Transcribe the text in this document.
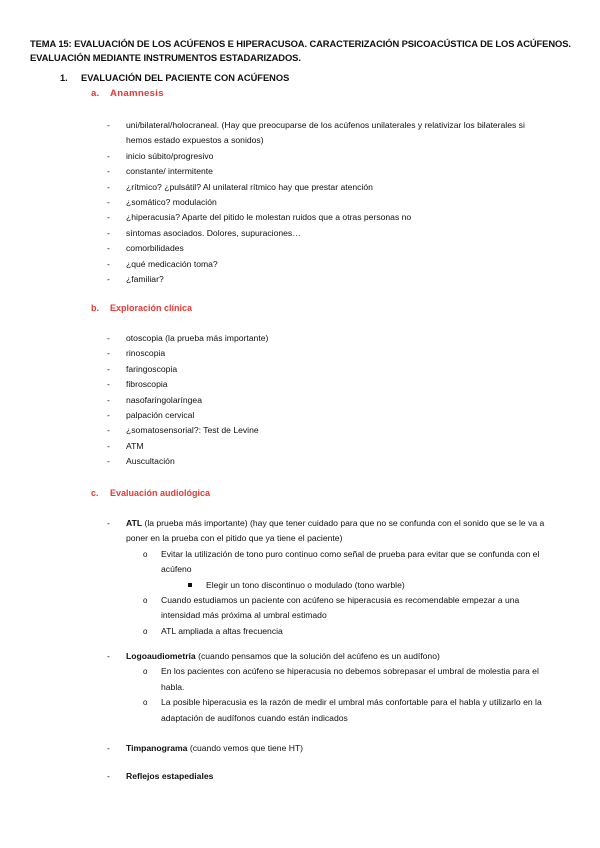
TEMA 15: EVALUACIÓN DE LOS ACÚFENOS E HIPERACUSOA. CARACTERIZACIÓN PSICOACÚSTICA DE LOS ACÚFENOS. EVALUACIÓN MEDIANTE INSTRUMENTOS ESTADARIZADOS.
1. EVALUACIÓN DEL PACIENTE CON ACÚFENOS
a. Anamnesis
- uni/bilateral/holocraneal. (Hay que preocuparse de los acúfenos unilaterales y relativizar los bilaterales si hemos estado expuestos a sonidos)
- inicio súbito/progresivo
- constante/ intermitente
- ¿rítmico? ¿pulsátil? Al unilateral rítmico hay que prestar atención
- ¿somático? modulación
- ¿hiperacusia? Aparte del pitido le molestan ruidos que a otras personas no
- síntomas asociados. Dolores, supuraciones…
- comorbilidades
- ¿qué medicación toma?
- ¿familiar?
b. Exploración clínica
- otoscopia (la prueba más importante)
- rinoscopia
- faringoscopia
- fibroscopia
- nasofaringolaríngea
- palpación cervical
- ¿somatosensorial?: Test de Levine
- ATM
- Auscultación
c. Evaluación audiológica
- ATL (la prueba más importante) (hay que tener cuidado para que no se confunda con el sonido que se le va a poner en la prueba con el pitido que ya tiene el paciente)
o Evitar la utilización de tono puro continuo como señal de prueba para evitar que se confunda con el acúfeno
Elegir un tono discontinuo o modulado (tono warble)
o Cuando estudiamos un paciente con acúfeno se hiperacusia es recomendable empezar a una intensidad más próxima al umbral estimado
o ATL ampliada a altas frecuencia
- Logoaudiometría (cuando pensamos que la solución del acúfeno es un audífono)
o En los pacientes con acúfeno se hiperacusia no debemos sobrepasar el umbral de molestia para el habla.
o La posible hiperacusia es la razón de medir el umbral más confortable para el habla y utilizarlo en la adaptación de audífonos cuando están indicados
- Timpanograma (cuando vemos que tiene HT)
- Reflejos estapediales
